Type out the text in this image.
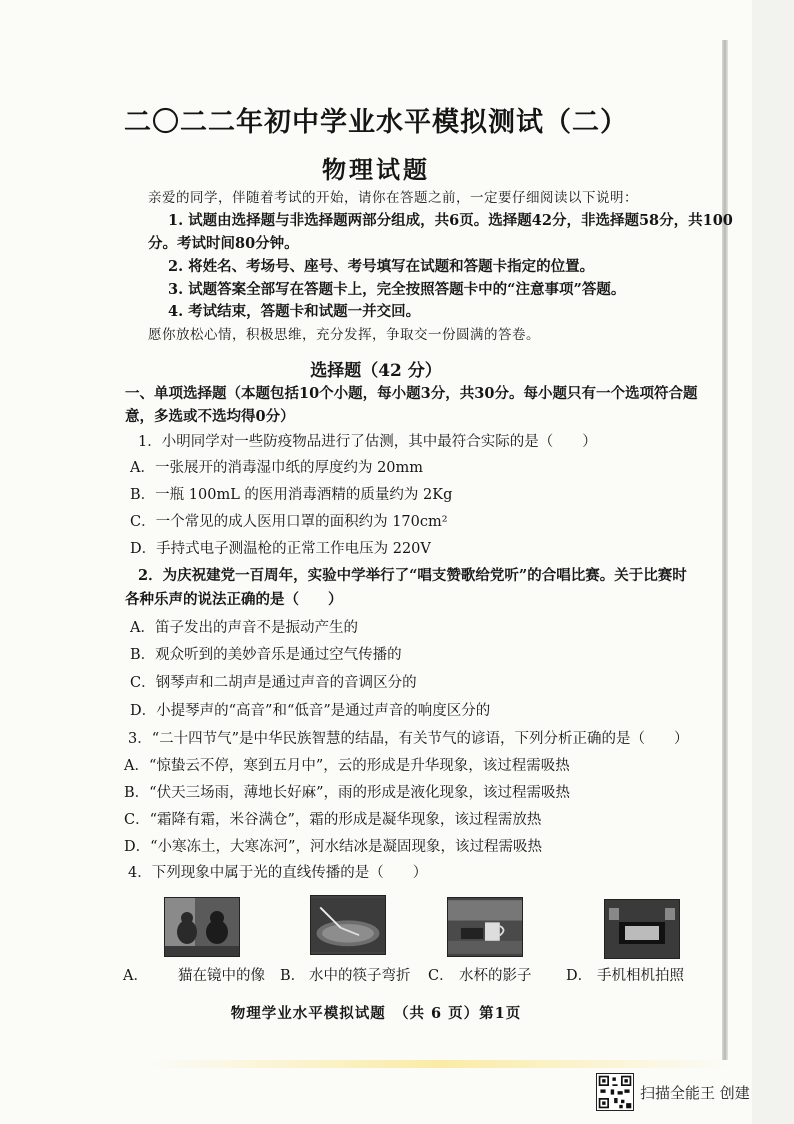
二〇二二年初中学业水平模拟测试（二）
物理试题
亲爱的同学，伴随着考试的开始，请你在答题之前，一定要仔细阅读以下说明：
1. 试题由选择题与非选择题两部分组成，共6页。选择题42分，非选择题58分，共100
分。考试时间80分钟。
2. 将姓名、考场号、座号、考号填写在试题和答题卡指定的位置。
3. 试题答案全部写在答题卡上，完全按照答题卡中的“注意事项”答题。
4. 考试结束，答题卡和试题一并交回。
愿你放松心情，积极思维，充分发挥，争取交一份圆满的答卷。
选择题（42 分）
一、单项选择题（本题包括10个小题，每小题3分，共30分。每小题只有一个选项符合题
意，多选或不选均得0分）
1．小明同学对一些防疫物品进行了估测，其中最符合实际的是（　　）
A．一张展开的消毒湿巾纸的厚度约为 20mm
B．一瓶 100mL 的医用消毒酒精的质量约为 2Kg
C．一个常见的成人医用口罩的面积约为 170cm²
D．手持式电子测温枪的正常工作电压为 220V
2．为庆祝建党一百周年，实验中学举行了“唱支赞歌给党听”的合唱比赛。关于比赛时
各种乐声的说法正确的是（　　）
A．笛子发出的声音不是振动产生的
B．观众听到的美妙音乐是通过空气传播的
C．钢琴声和二胡声是通过声音的音调区分的
D．小提琴声的“高音”和“低音”是通过声音的响度区分的
3．“二十四节气”是中华民族智慧的结晶，有关节气的谚语，下列分析正确的是（　　）
A．“惊蛰云不停，寒到五月中”，云的形成是升华现象，该过程需吸热
B．“伏天三场雨，薄地长好麻”，雨的形成是液化现象，该过程需吸热
C．“霜降有霜，米谷满仓”，霜的形成是凝华现象，该过程需放热
D．“小寒冻土，大寒冻河”，河水结冰是凝固现象，该过程需吸热
4．下列现象中属于光的直线传播的是（　　）
A． 猫在镜中的像 B． 水中的筷子弯折 C． 水杯的影子 D． 手机相机拍照
物理学业水平模拟试题　（共 6 页）第1页
扫描全能王 创建
